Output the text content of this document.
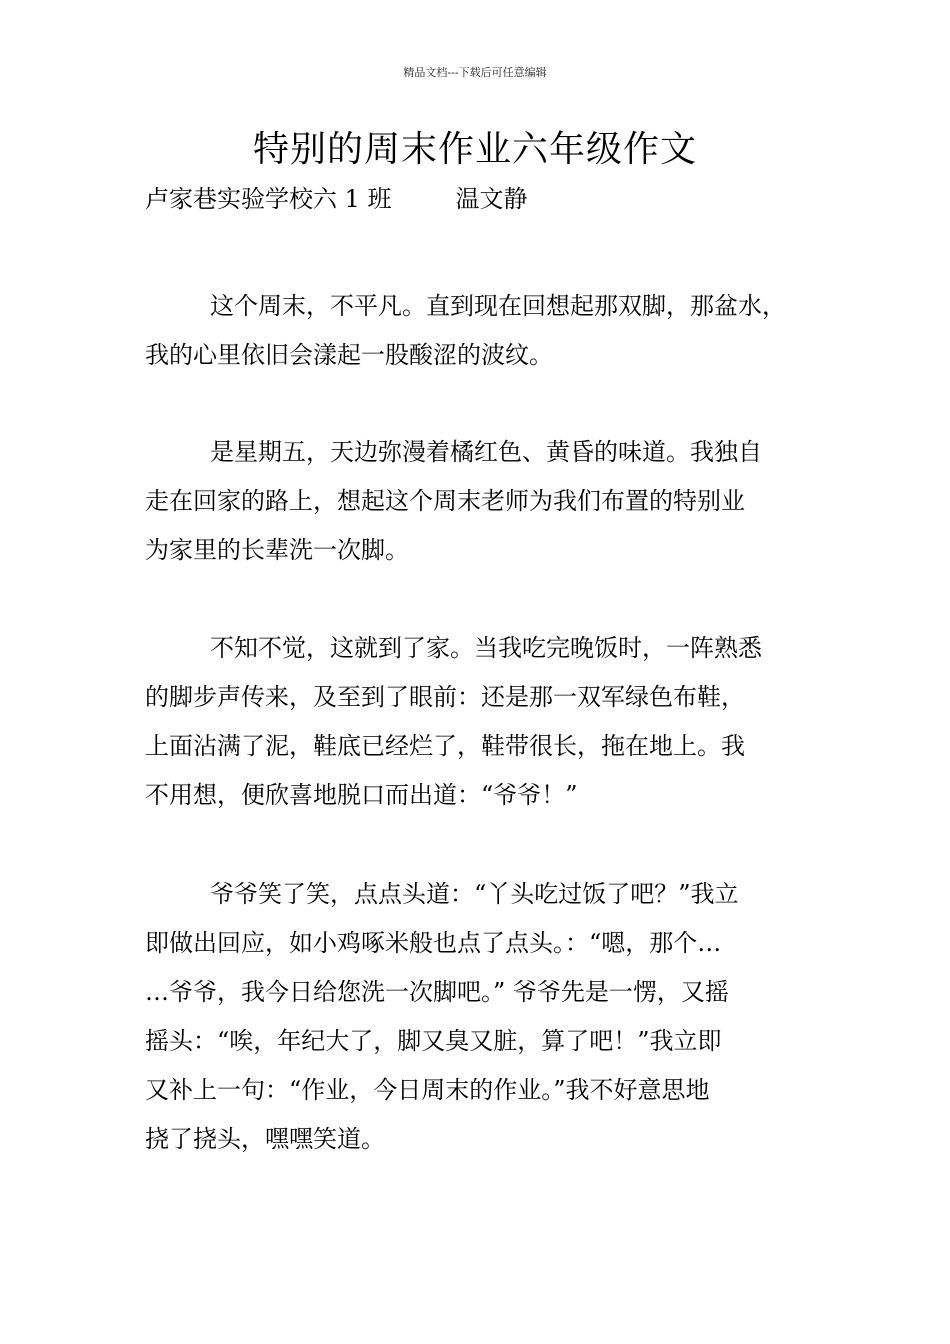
精品文档---下载后可任意编辑
特别的周末作业六年级作文
卢家巷实验学校六 1 班	温文静

这个周末，不平凡。直到现在回想起那双脚，那盆水，
我的心里依旧会漾起一股酸涩的波纹。

是星期五，天边弥漫着橘红色、黄昏的味道。我独自
走在回家的路上，想起这个周末老师为我们布置的特别业
为家里的长辈洗一次脚。

不知不觉，这就到了家。当我吃完晚饭时，一阵熟悉
的脚步声传来，及至到了眼前：还是那一双军绿色布鞋，
上面沾满了泥，鞋底已经烂了，鞋带很长，拖在地上。我
不用想，便欣喜地脱口而出道：“爷爷！”

爷爷笑了笑，点点头道：“丫头吃过饭了吧？”我立
即做出回应，如小鸡啄米般也点了点头。：“嗯，那个…
…爷爷，我今日给您洗一次脚吧。” 爷爷先是一愣，又摇
摇头：“唉，年纪大了，脚又臭又脏，算了吧！”我立即
又补上一句：“作业，今日周末的作业。”我不好意思地
挠了挠头，嘿嘿笑道。
